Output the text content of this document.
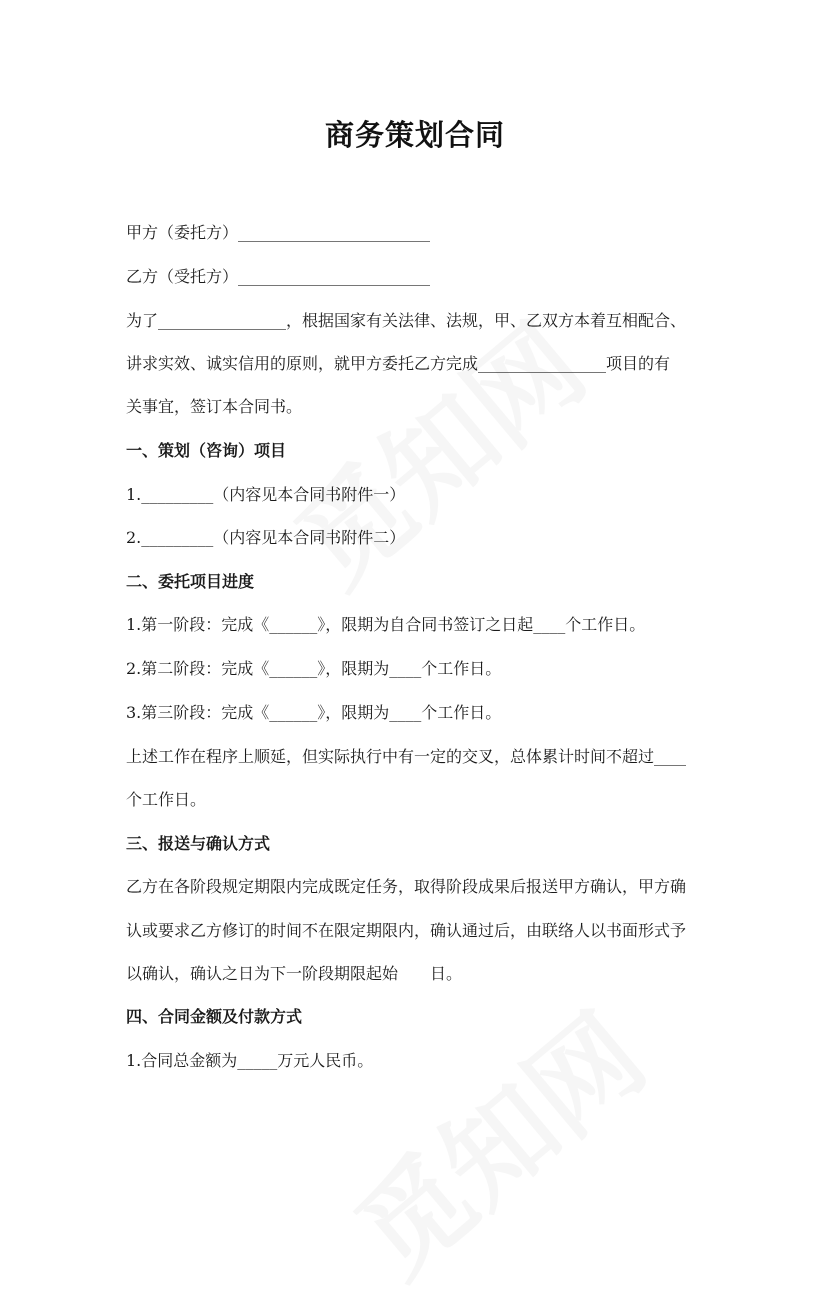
商务策划合同
甲方（委托方）________________________
乙方（受托方）________________________
为了________________，根据国家有关法律、法规，甲、乙双方本着互相配合、
讲求实效、诚实信用的原则，就甲方委托乙方完成________________项目的有
关事宜，签订本合同书。
一、策划（咨询）项目
1._________（内容见本合同书附件一）
2._________（内容见本合同书附件二）
二、委托项目进度
1.第一阶段：完成《______》，限期为自合同书签订之日起____个工作日。
2.第二阶段：完成《______》，限期为____个工作日。
3.第三阶段：完成《______》，限期为____个工作日。
上述工作在程序上顺延，但实际执行中有一定的交叉，总体累计时间不超过____
个工作日。
三、报送与确认方式
乙方在各阶段规定期限内完成既定任务，取得阶段成果后报送甲方确认，甲方确
认或要求乙方修订的时间不在限定期限内，确认通过后，由联络人以书面形式予
以确认，确认之日为下一阶段期限起始　　日。
四、合同金额及付款方式
1.合同总金额为_____万元人民币。
